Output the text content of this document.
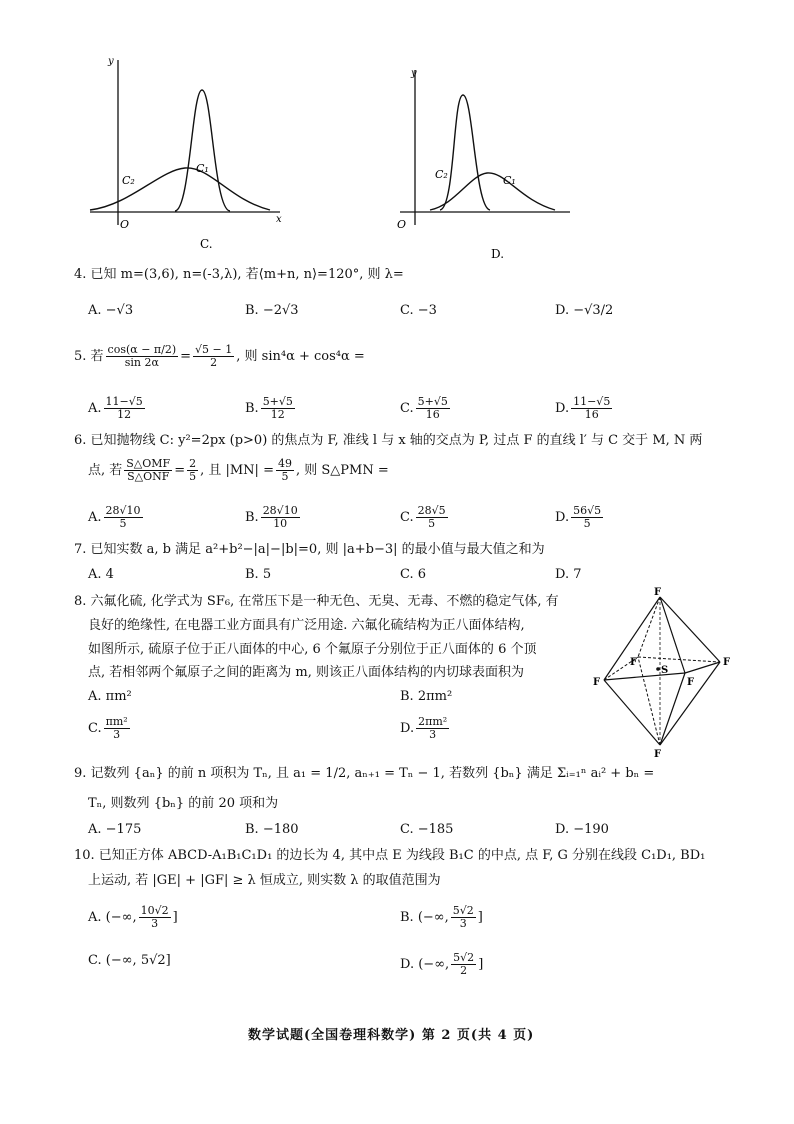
y
x
O
C₁
C₂
C.
y
O
C₁
C₂
D.
4. 已知 m=(3,6), n=(-3,λ), 若⟨m+n, n⟩=120°, 则 λ=
A. −√3	B. −2√3	C. −3	D. −√3/2
5. 若 $\frac{\cos(\alpha - \pi/2)}{\sin 2\alpha} = \frac{√5 - 1}{2}$ , 则 sin⁴α + cos⁴α =
A. $\frac{11-√5}{12}$	B. $\frac{5+√5}{12}$	C. $\frac{5+√5}{16}$	D. $\frac{11-√5}{16}$
6. 已知抛物线 C: y²=2px (p>0) 的焦点为 F, 准线 l 与 x 轴的交点为 P, 过点 F 的直线 l′ 与 C 交于 M, N 两
点, 若 $\frac{\text{S△OMF}}{\text{S△ONF}} = \frac{2}{5}$ , 且 $|MN| = \frac{49}{5}$ , 则 S△PMN =
A. $\frac{28√10}{5}$	B. $\frac{28√10}{10}$	C. $\frac{28√5}{5}$	D. $\frac{56√5}{5}$
7. 已知实数 a, b 满足 a²+b²−|a|−|b|=0, 则 |a+b−3| 的最小值与最大值之和为
A. 4	B. 5	C. 6	D. 7
8. 六氟化硫, 化学式为 SF₆, 在常压下是一种无色、无臭、无毒、不燃的稳定气体, 有
良好的绝缘性, 在电器工业方面具有广泛用途. 六氟化硫结构为正八面体结构,
如图所示, 硫原子位于正八面体的中心, 6 个氟原子分别位于正八面体的 6 个顶
点, 若相邻两个氟原子之间的距离为 m, 则该正八面体结构的内切球表面积为
A. πm²	B. 2πm²
C. $\frac{\text{πm²}}{3}$	D. $\frac{\text{2πm²}}{3}$
F
F
F
F
F
F
S
9. 记数列 {aₙ} 的前 n 项积为 Tₙ, 且 a₁ = 1/2, aₙ₊₁ = Tₙ − 1, 若数列 {bₙ} 满足 Σᵢ₌₁ⁿ aᵢ² + bₙ =
Tₙ, 则数列 {bₙ} 的前 20 项和为
A. −175	B. −180	C. −185	D. −190
10. 已知正方体 ABCD-A₁B₁C₁D₁ 的边长为 4, 其中点 E 为线段 B₁C 的中点, 点 F, G 分别在线段 C₁D₁, BD₁
上运动, 若 |GE| + |GF| ≥ λ 恒成立, 则实数 λ 的取值范围为
A. (−∞, $\frac{10√2}{3}$ ]	B. (−∞, $\frac{5√2}{3}$ ]
C. (−∞, 5√2]	D. (−∞, $\frac{5√2}{2}$ ]
数学试题(全国卷理科数学) 第 2 页(共 4 页)
